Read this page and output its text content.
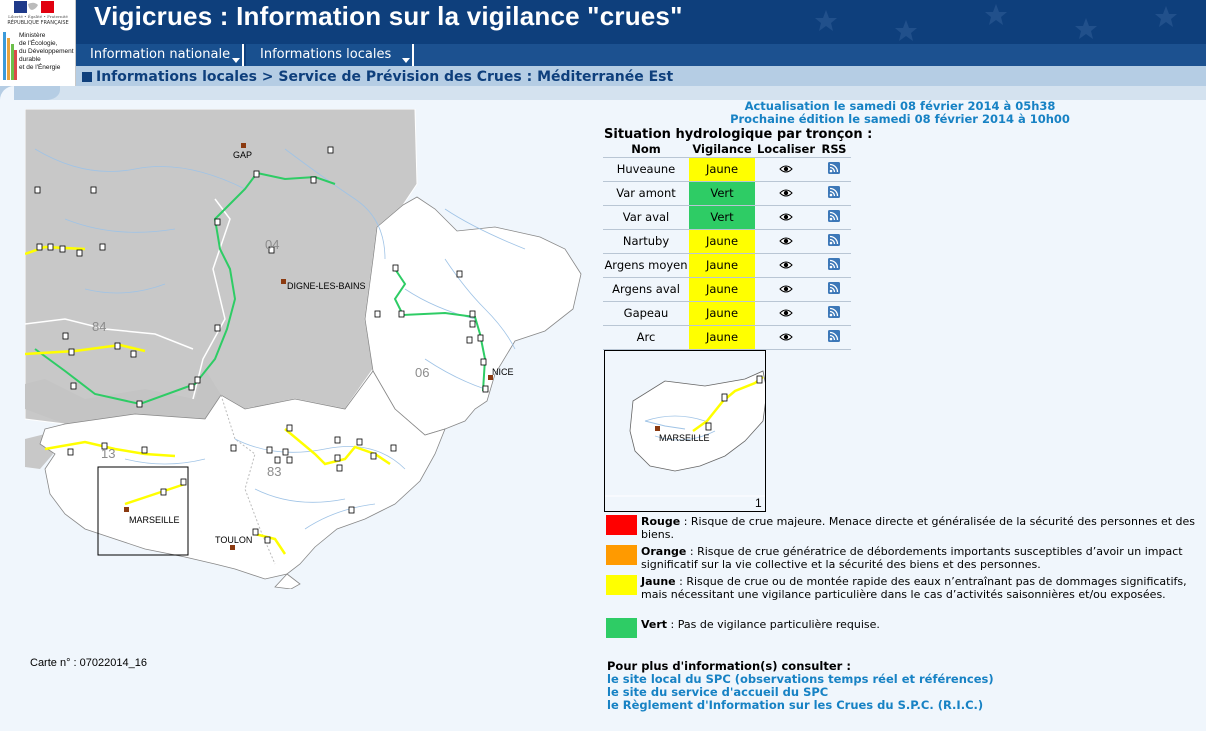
Vigicrues : Information sur la vigilance "crues"
Liberté • Égalité • Fraternité
RÉPUBLIQUE FRANÇAISE
Ministère
de l'Écologie,
du Développement
durable
et de l'Énergie
Information nationale	Informations locales
Informations locales > Service de Prévision des Crues : Méditerranée Est
GAP
DIGNE-LES-BAINS
NICE
MARSEILLE
TOULON
04
84
06
13
83
Carte n° : 07022014_16
Actualisation le samedi 08 février 2014 à 05h38
Prochaine édition le samedi 08 février 2014 à 10h00
Situation hydrologique par tronçon :
Nom	Vigilance	Localiser	RSS
Huveaune	Jaune		
Var amont	Vert		
Var aval	Vert		
Nartuby	Jaune		
Argens moyen	Jaune		
Argens aval	Jaune		
Gapeau	Jaune		
Arc	Jaune		
MARSEILLE
1
Rouge : Risque de crue majeure. Menace directe et généralisée de la sécurité des personnes et des biens.
Orange : Risque de crue génératrice de débordements importants susceptibles d’avoir un impact significatif sur la vie collective et la sécurité des biens et des personnes.
Jaune : Risque de crue ou de montée rapide des eaux n’entraînant pas de dommages significatifs, mais nécessitant une vigilance particulière dans le cas d’activités saisonnières et/ou exposées.
Vert : Pas de vigilance particulière requise.
Pour plus d'information(s) consulter :
le site local du SPC (observations temps réel et références)
le site du service d'accueil du SPC
le Règlement d'Information sur les Crues du S.P.C. (R.I.C.)
